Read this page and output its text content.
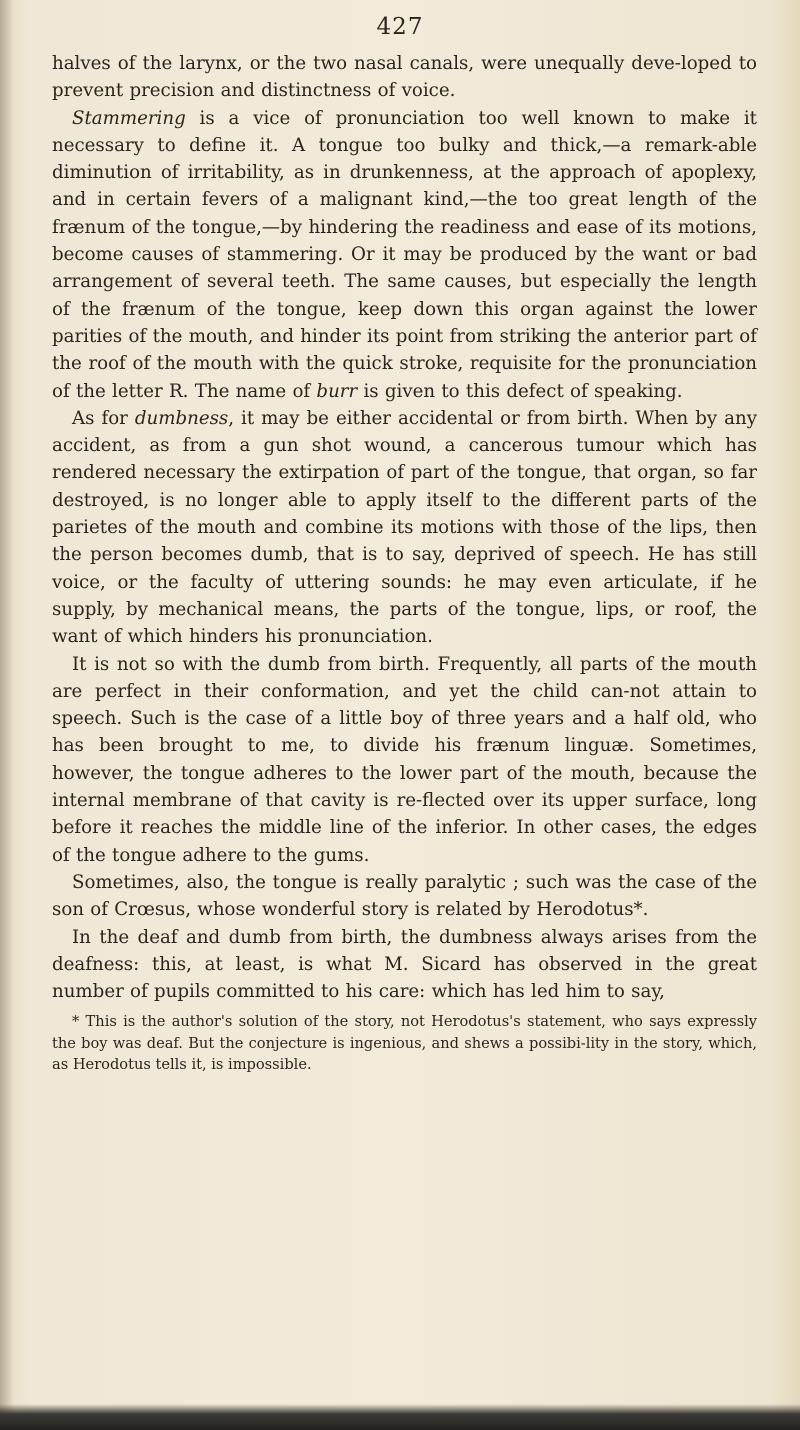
427

halves of the larynx, or the two nasal canals, were unequally deve-loped to prevent precision and distinctness of voice.

Stammering is a vice of pronunciation too well known to make it necessary to define it. A tongue too bulky and thick,—a remark-able diminution of irritability, as in drunkenness, at the approach of apoplexy, and in certain fevers of a malignant kind,—the too great length of the frænum of the tongue,—by hindering the readiness and ease of its motions, become causes of stammering. Or it may be produced by the want or bad arrangement of several teeth. The same causes, but especially the length of the frænum of the tongue, keep down this organ against the lower parities of the mouth, and hinder its point from striking the anterior part of the roof of the mouth with the quick stroke, requisite for the pronunciation of the letter R. The name of burr is given to this defect of speaking.

As for dumbness, it may be either accidental or from birth. When by any accident, as from a gun shot wound, a cancerous tumour which has rendered necessary the extirpation of part of the tongue, that organ, so far destroyed, is no longer able to apply itself to the different parts of the parietes of the mouth and combine its motions with those of the lips, then the person becomes dumb, that is to say, deprived of speech. He has still voice, or the faculty of uttering sounds: he may even articulate, if he supply, by mechanical means, the parts of the tongue, lips, or roof, the want of which hinders his pronunciation.

It is not so with the dumb from birth. Frequently, all parts of the mouth are perfect in their conformation, and yet the child can-not attain to speech. Such is the case of a little boy of three years and a half old, who has been brought to me, to divide his frænum linguæ. Sometimes, however, the tongue adheres to the lower part of the mouth, because the internal membrane of that cavity is re-flected over its upper surface, long before it reaches the middle line of the inferior. In other cases, the edges of the tongue adhere to the gums.

Sometimes, also, the tongue is really paralytic ; such was the case of the son of Crœsus, whose wonderful story is related by Herodotus*.

In the deaf and dumb from birth, the dumbness always arises from the deafness: this, at least, is what M. Sicard has observed in the great number of pupils committed to his care: which has led him to say,

* This is the author's solution of the story, not Herodotus's statement, who says expressly the boy was deaf. But the conjecture is ingenious, and shews a possibi-lity in the story, which, as Herodotus tells it, is impossible.
